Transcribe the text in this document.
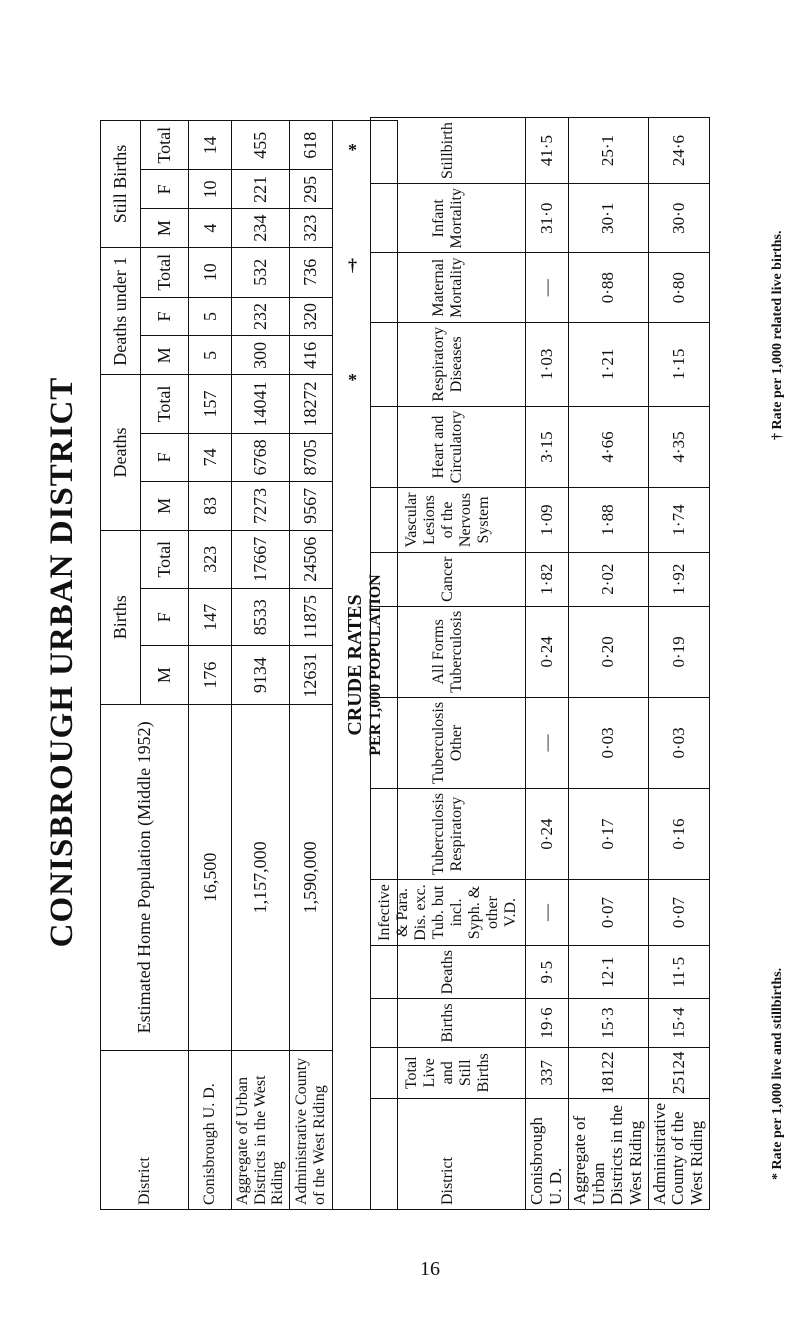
CONISBROUGH URBAN DISTRICT
District	Estimated Home Population (Middle 1952)	Births			Deaths			Deaths under 1			Still Births		
		M	F	Total	M	F	Total	M	F	Total	M	F	Total
Conisbrough U. D.	16,500	176	147	323	83	74	157	5	5	10	4	10	14
Aggregate of Urban Districts in the West Riding	1,157,000	9134	8533	17667	7273	6768	14041	300	232	532	234	221	455
Administrative County of the West Riding	1,590,000	12631	11875	24506	9567	8705	18272	416	320	736	323	295	618

CRUDE RATES PER 1,000 POPULATION													
District	Total Live and Still Births	Births	Deaths	Infective & Para. Dis. exc. Tub. but incl. Syph. & other V.D.	Tuberculosis Respiratory	Tuberculosis Other	All Forms Tuberculosis	Cancer	Vascular Lesions of the Nervous System	Heart and Circulatory	Respiratory Diseases	Maternal Mortality	Infant Mortality	Stillbirth
Conisbrough U. D.	337	19·6	9·5	—	0·24	—	0·24	1·82	1·09	3·15	1·03	—	31·0	41·5
Aggregate of Urban Districts in the West Riding	18122	15·3	12·1	0·07	0·17	0·03	0·20	2·02	1·88	4·66	1·21	0·88	30·1	25·1
Administrative County of the West Riding	25124	15·4	11·5	0·07	0·16	0·03	0·19	1·92	1·74	4·35	1·15	0·80	30·0	24·6
*
†
*
* Rate per 1,000 live and stillbirths.
† Rate per 1,000 related live births.
16
